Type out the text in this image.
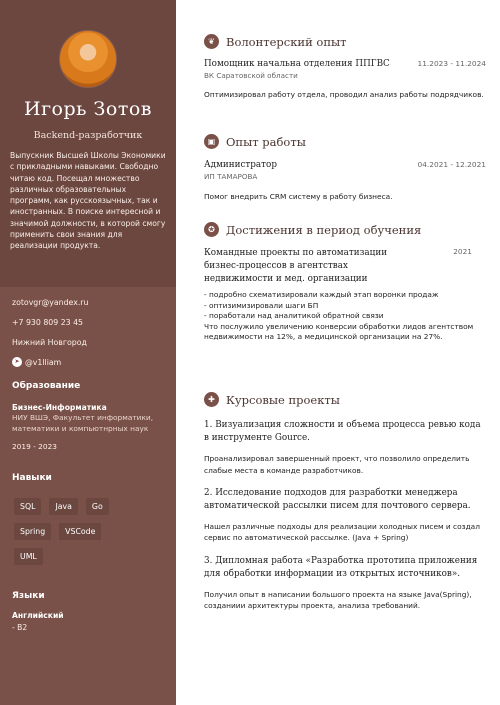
Игорь Зотов
Backend-разработчик
Выпускник Высшей Школы Экономики с прикладными навыками. Свободно читаю код. Посещал множество различных образовательных программ, как русскоязычных, так и иностранных. В поиске интересной и значимой должности, в которой смогу применить свои знания для реализации продукта.
zotovgr@yandex.ru
+7 930 809 23 45
Нижний Новгород
➤ @v1lliam
Образование
Бизнес-Информатика
НИУ ВШЭ, Факультет информатики, математики и компьютнрных наук
2019 - 2023
Навыки
SQL	Java	Go
Spring	VSCode
UML
Языки
Английский
- B2
❦ Волонтерский опыт
Помощник начальна отделения ППГВС	11.2023 - 11.2024
ВК Саратовской области
Оптимизировал работу отдела, проводил анализ работы подрядчиков.
▣ Опыт работы
Администратор	04.2021 - 12.2021
ИП ТАМАРОВА
Помог внедрить CRM систему в работу бизнеса.
✪ Достижения в период обучения
Командные проекты по автоматизации бизнес-процессов в агентствах недвижимости и мед. организации
2021
- подробно схематизировали каждый этап воронки продаж
- оптизимизировали шаги БП
- поработали над аналитикой обратной связи
Что послужило увеличению конверсии обработки лидов агентством недвижимости на 12%, а медицинской организации на 27%.
✚ Курсовые проекты
1. Визуализация сложности и объема процесса ревью кода в инструменте Gource.
Проанализировал завершенный проект, что позволило определить слабые места в команде разработчиков.
2. Исследование подходов для разработки менеджера автоматической рассылки писем для почтового сервера.
Нашел различные подходы для реализации холодных писем и создал сервис по автоматической рассылке. (Java + Spring)
3. Дипломная работа «Разработка прототипа приложения для обработки информации из открытых источников».
Получил опыт в написании большого проекта на языке Java(Spring), созданиии архитектуры проекта, анализа требований.
